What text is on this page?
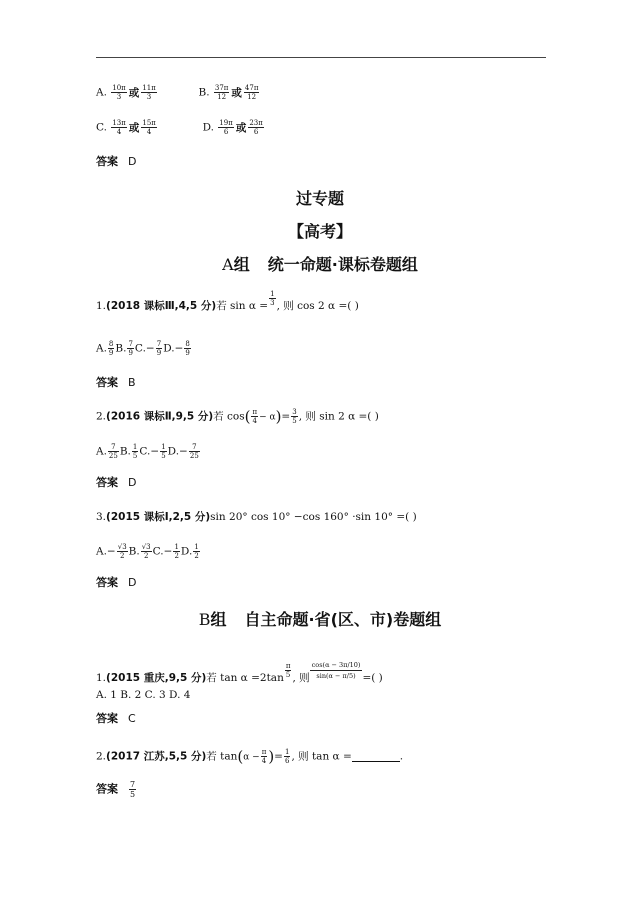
A. $\frac{10\pi}{3}$ 或 $\frac{11\pi}{3}$	B. $\frac{37\pi}{12}$ 或 $\frac{47\pi}{12}$
C. $\frac{13\pi}{4}$ 或 $\frac{15\pi}{4}$	D. $\frac{19\pi}{6}$ 或 $\frac{23\pi}{6}$
答案 D
过专题
【高考】
A组 统一命题·课标卷题组
1.(2018 课标Ⅲ,4,5 分)若 $\sin \alpha = \frac{1}{3}$ , 则 cos 2 α =( )
A. $\frac{8}{9} B$. $\frac{7}{9} C.- \frac{7}{9} D.- \frac{8}{9}$
答案 B
2.(2016 课标Ⅱ,9,5 分)若 $\cos( \frac{\pi}{4} - \alpha)= \frac{3}{5}$ , 则 sin 2 α =( )
A. $\frac{7}{25} B$. $\frac{1}{5} C.- \frac{1}{5} D.- \frac{7}{25}$
答案 D
3.(2015 课标Ⅰ,2,5 分)sin 20° cos 10° −cos 160° ·sin 10° =( )
$A.- \frac{√3}{2} B$. $\frac{√3}{2} C.- \frac{1}{2} D$. $\frac{1}{2}$
答案 D
B组 自主命题·省(区、市)卷题组
1.(2015 重庆,9,5 分)若 $\tan \alpha =2\tan \frac{\pi}{5}$ , 则 $\frac{\cos(\alpha - 3\pi/10)}{\sin(\alpha - \pi/5)}$ =( )
A. 1 B. 2 C. 3 D. 4
答案 C
2.(2017 江苏,5,5 分)若 $\tan(\alpha - \frac{\pi}{4}$ )= $\frac{1}{6}$ , 则 tan α =	.
答案 $\frac{7}{5}$
